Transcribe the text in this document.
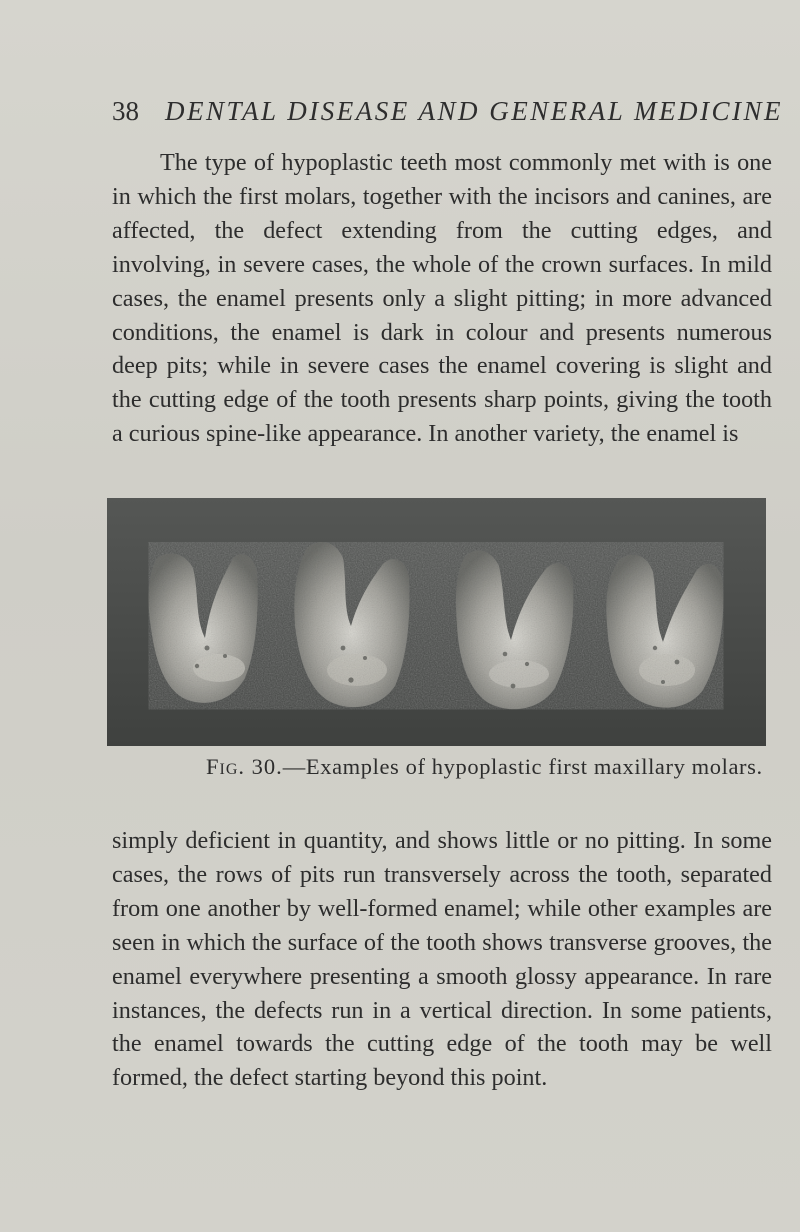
38 DENTAL DISEASE AND GENERAL MEDICINE

The type of hypoplastic teeth most commonly met with is one in which the first molars, together with the incisors and canines, are affected, the defect extending from the cutting edges, and involving, in severe cases, the whole of the crown surfaces. In mild cases, the enamel presents only a slight pitting; in more advanced conditions, the enamel is dark in colour and presents numerous deep pits; while in severe cases the enamel covering is slight and the cutting edge of the tooth presents sharp points, giving the tooth a curious spine-like appearance. In another variety, the enamel is

Fig. 30.—Examples of hypoplastic first maxillary molars.

simply deficient in quantity, and shows little or no pitting. In some cases, the rows of pits run transversely across the tooth, separated from one another by well-formed enamel; while other examples are seen in which the surface of the tooth shows transverse grooves, the enamel everywhere presenting a smooth glossy appearance. In rare instances, the defects run in a vertical direction. In some patients, the enamel towards the cutting edge of the tooth may be well formed, the defect starting beyond this point.
